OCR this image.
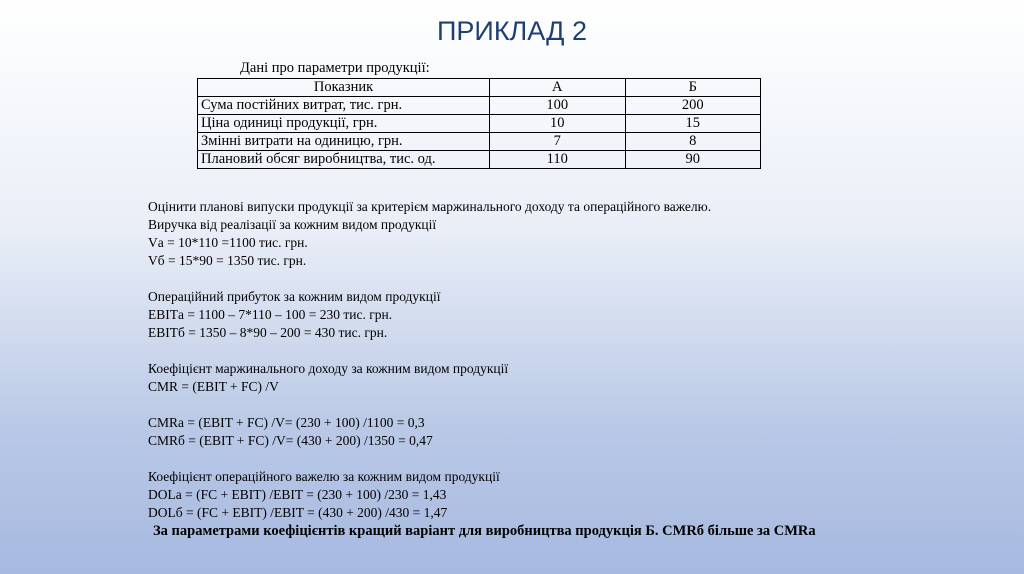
ПРИКЛАД 2
Дані про параметри продукції:
Показник	А	Б
Сума постійних витрат, тис. грн.	100	200
Ціна одиниці продукції, грн.	10	15
Змінні витрати на одиницю, грн.	7	8
Плановий обсяг виробництва, тис. од.	110	90
Оцінити планові випуски продукції за критерієм маржинального доходу та операційного важелю.
Виручка від реалізації за кожним видом продукції
Vа = 10*110 =1100 тис. грн.
Vб = 15*90 = 1350 тис. грн.
Операційний прибуток за кожним видом продукції
EBITа = 1100 – 7*110 – 100 = 230 тис. грн.
EBITб = 1350 – 8*90 – 200 = 430 тис. грн.
Коефіцієнт маржинального доходу за кожним видом продукції
CMR = (EBIT + FC) /V
CMRа = (EBIT + FC) /V= (230 + 100) /1100 = 0,3
CMRб = (EBIT + FC) /V= (430 + 200) /1350 = 0,47
Коефіцієнт операційного важелю за кожним видом продукції
DOLа = (FC + EBIT) /EBIT = (230 + 100) /230 = 1,43
DOLб = (FC + EBIT) /EBIT = (430 + 200) /430 = 1,47
За параметрами коефіцієнтів кращий варіант для виробництва продукція Б. CMRб більше за CMRа
